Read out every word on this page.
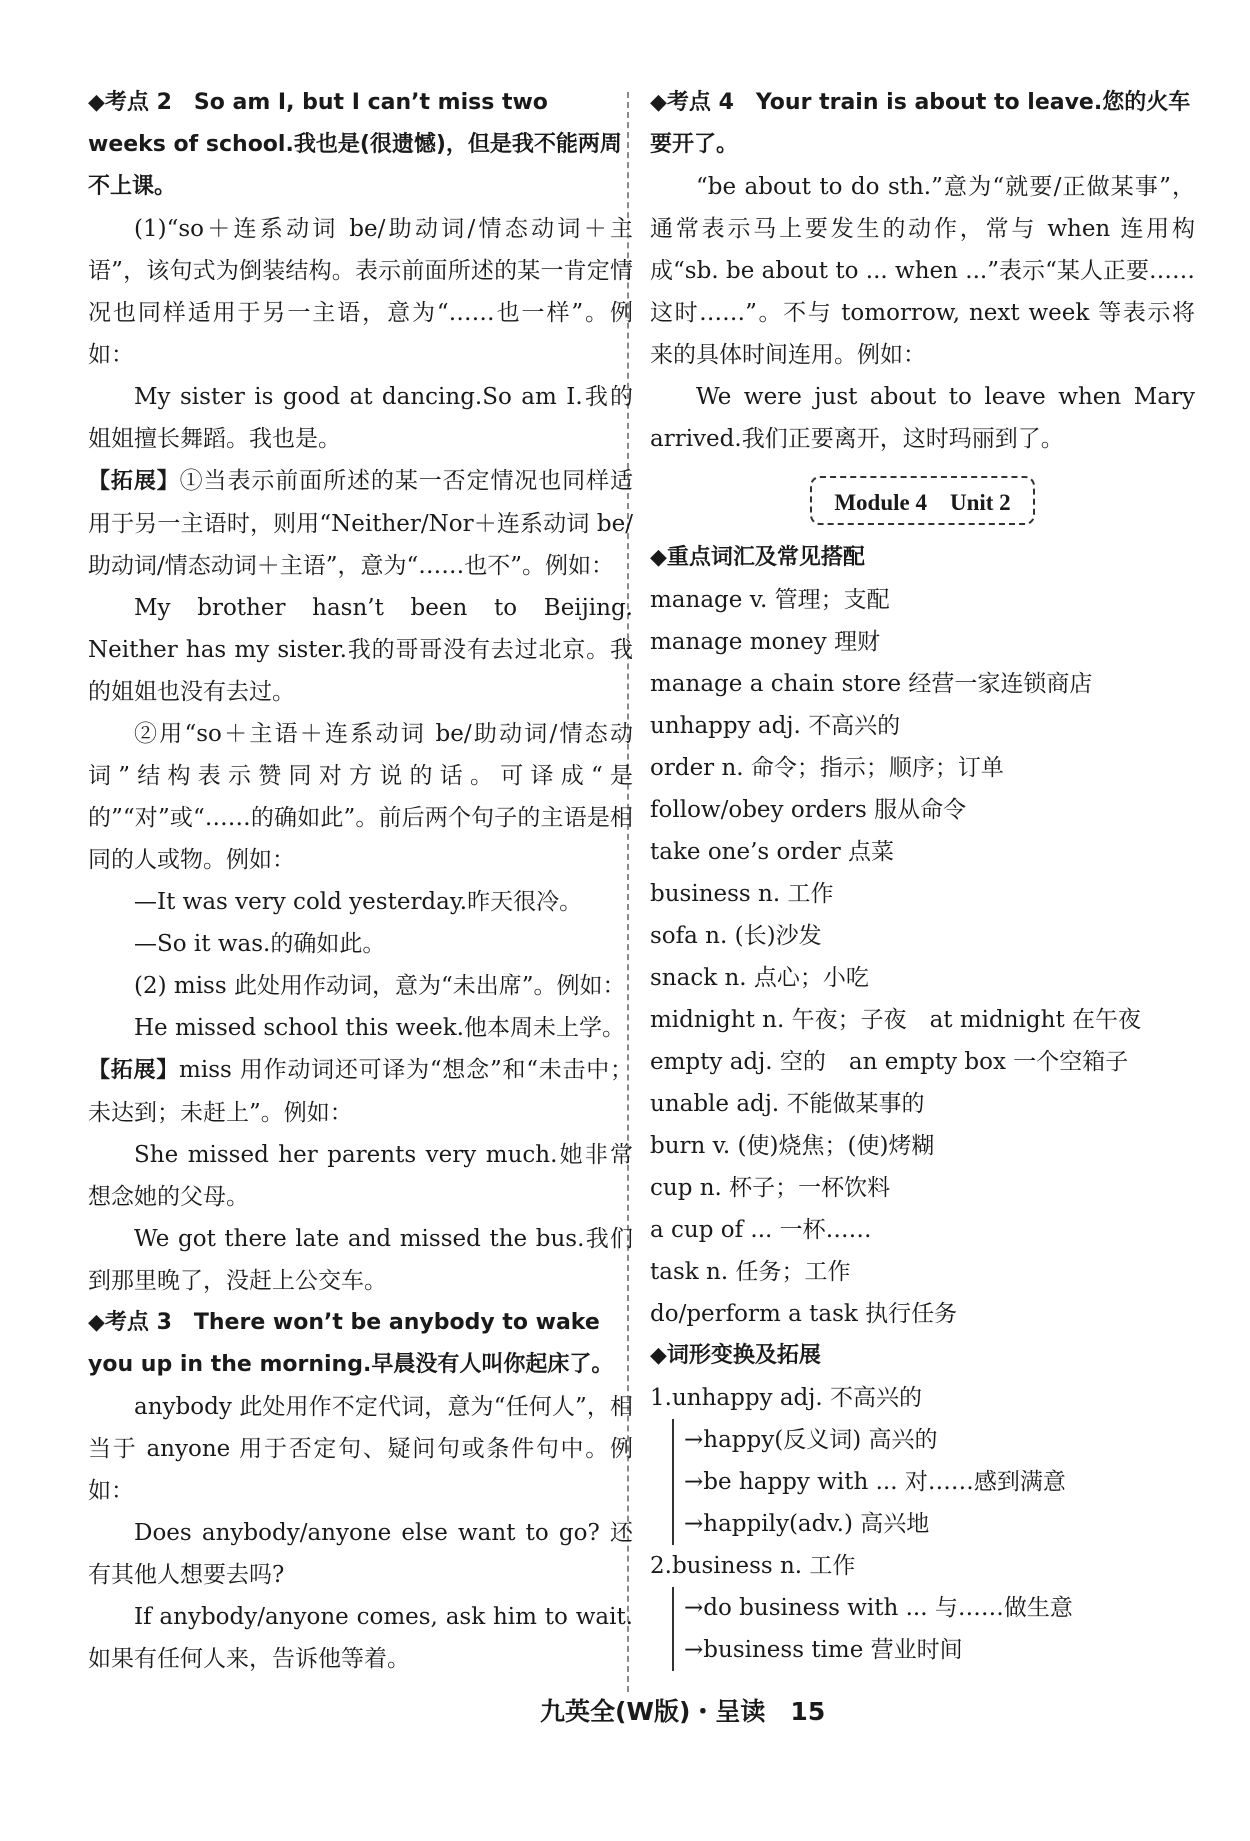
◆考点 2　So am I, but I can’t miss two weeks of school.我也是(很遗憾)，但是我不能两周不上课。

(1)“so＋连系动词 be/助动词/情态动词＋主语”，该句式为倒装结构。表示前面所述的某一肯定情况也同样适用于另一主语，意为“……也一样”。例如：

My sister is good at dancing.So am I.我的姐姐擅长舞蹈。我也是。

【拓展】①当表示前面所述的某一否定情况也同样适用于另一主语时，则用“Neither/Nor＋连系动词 be/助动词/情态动词＋主语”，意为“……也不”。例如：

My brother hasn’t been to Beijing. Neither has my sister.我的哥哥没有去过北京。我的姐姐也没有去过。

②用“so＋主语＋连系动词 be/助动词/情态动词”结构表示赞同对方说的话。可译成“是的”“对”或“……的确如此”。前后两个句子的主语是相同的人或物。例如：

—It was very cold yesterday.昨天很冷。

—So it was.的确如此。

(2) miss 此处用作动词，意为“未出席”。例如：

He missed school this week.他本周未上学。

【拓展】miss 用作动词还可译为“想念”和“未击中；未达到；未赶上”。例如：

She missed her parents very much.她非常想念她的父母。

We got there late and missed the bus.我们到那里晚了，没赶上公交车。

◆考点 3　There won’t be anybody to wake you up in the morning.早晨没有人叫你起床了。

anybody 此处用作不定代词，意为“任何人”，相当于 anyone 用于否定句、疑问句或条件句中。例如：

Does anybody/anyone else want to go? 还有其他人想要去吗?

If anybody/anyone comes, ask him to wait.如果有任何人来，告诉他等着。

◆考点 4　Your train is about to leave.您的火车要开了。

“be about to do sth.”意为“就要/正做某事”，通常表示马上要发生的动作，常与 when 连用构成“sb. be about to ... when ...”表示“某人正要……这时……”。不与 tomorrow, next week 等表示将来的具体时间连用。例如：

We were just about to leave when Mary arrived.我们正要离开，这时玛丽到了。

Module 4　Unit 2

◆重点词汇及常见搭配

manage v. 管理；支配

manage money 理财

manage a chain store 经营一家连锁商店

unhappy adj. 不高兴的

order n. 命令；指示；顺序；订单

follow/obey orders 服从命令

take one’s order 点菜

business n. 工作

sofa n. (长)沙发

snack n. 点心；小吃

midnight n. 午夜；子夜　at midnight 在午夜

empty adj. 空的　an empty box 一个空箱子

unable adj. 不能做某事的

burn v. (使)烧焦；(使)烤糊

cup n. 杯子；一杯饮料

a cup of ... 一杯……

task n. 任务；工作

do/perform a task 执行任务

◆词形变换及拓展

1.unhappy adj. 不高兴的

→ happy(反义词) 高兴的

→ be happy with ... 对……感到满意

→ happily(adv.) 高兴地

2.business n. 工作

→ do business with ... 与……做生意

→ business time 营业时间

九英全(W版)・呈读　15
